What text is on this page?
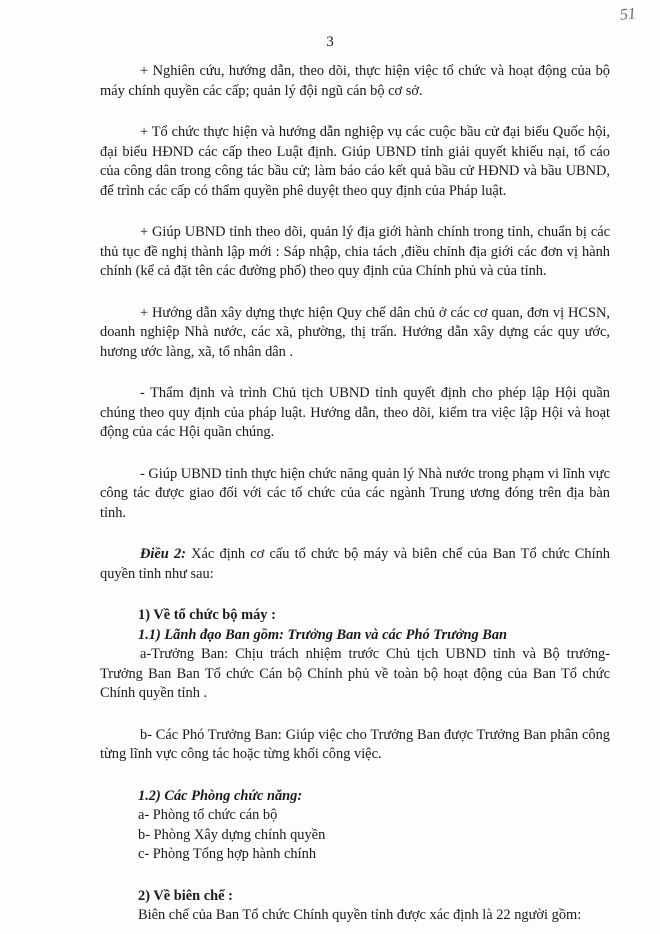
3
51

+ Nghiên cứu, hướng dẫn, theo dõi, thực hiện việc tổ chức và hoạt động của bộ máy chính quyền các cấp; quản lý đội ngũ cán bộ cơ sở.

+ Tổ chức thực hiện và hướng dẫn nghiệp vụ các cuộc bầu cử đại biểu Quốc hội, đại biểu HĐND các cấp theo Luật định. Giúp UBND tỉnh giải quyết khiếu nại, tố cáo của công dân trong công tác bầu cử; làm báo cáo kết quả bầu cử HĐND và bầu UBND, để trình các cấp có thẩm quyền phê duyệt theo quy định của Pháp luật.

+ Giúp UBND tỉnh theo dõi, quản lý địa giới hành chính trong tỉnh, chuẩn bị các thủ tục đề nghị thành lập mới : Sáp nhập, chia tách ,điều chỉnh địa giới các đơn vị hành chính (kể cả đặt tên các đường phố) theo quy định của Chính phủ và của tỉnh.

+ Hướng dẫn xây dựng thực hiện Quy chế dân chủ ở các cơ quan, đơn vị HCSN, doanh nghiệp Nhà nước, các xã, phường, thị trấn. Hướng dẫn xây dựng các quy ước, hương ước làng, xã, tổ nhân dân .

- Thẩm định và trình Chủ tịch UBND tỉnh quyết định cho phép lập Hội quần chúng theo quy định của pháp luật. Hướng dẫn, theo dõi, kiểm tra việc lập Hội và hoạt động của các Hội quần chúng.

- Giúp UBND tỉnh thực hiện chức năng quản lý Nhà nước trong phạm vi lĩnh vực công tác được giao đối với các tổ chức của các ngành Trung ương đóng trên địa bàn tỉnh.

Điều 2: Xác định cơ cấu tổ chức bộ máy và biên chế của Ban Tổ chức Chính quyền tỉnh như sau:

1) Về tổ chức bộ máy :

1.1) Lãnh đạo Ban gồm: Trưởng Ban và các Phó Trưởng Ban

a-Trưởng Ban: Chịu trách nhiệm trước Chủ tịch UBND tỉnh và Bộ trưởng-Trưởng Ban Ban Tổ chức Cán bộ Chính phủ về toàn bộ hoạt động của Ban Tổ chức Chính quyền tỉnh .

b- Các Phó Trưởng Ban: Giúp việc cho Trưởng Ban được Trưởng Ban phân công từng lĩnh vực công tác hoặc từng khối công việc.

1.2) Các Phòng chức năng:

a- Phòng tổ chức cán bộ

b- Phòng Xây dựng chính quyền

c- Phòng Tổng hợp hành chính

2) Về biên chế :

Biên chế của Ban Tổ chức Chính quyền tỉnh được xác định là 22 người gồm:
